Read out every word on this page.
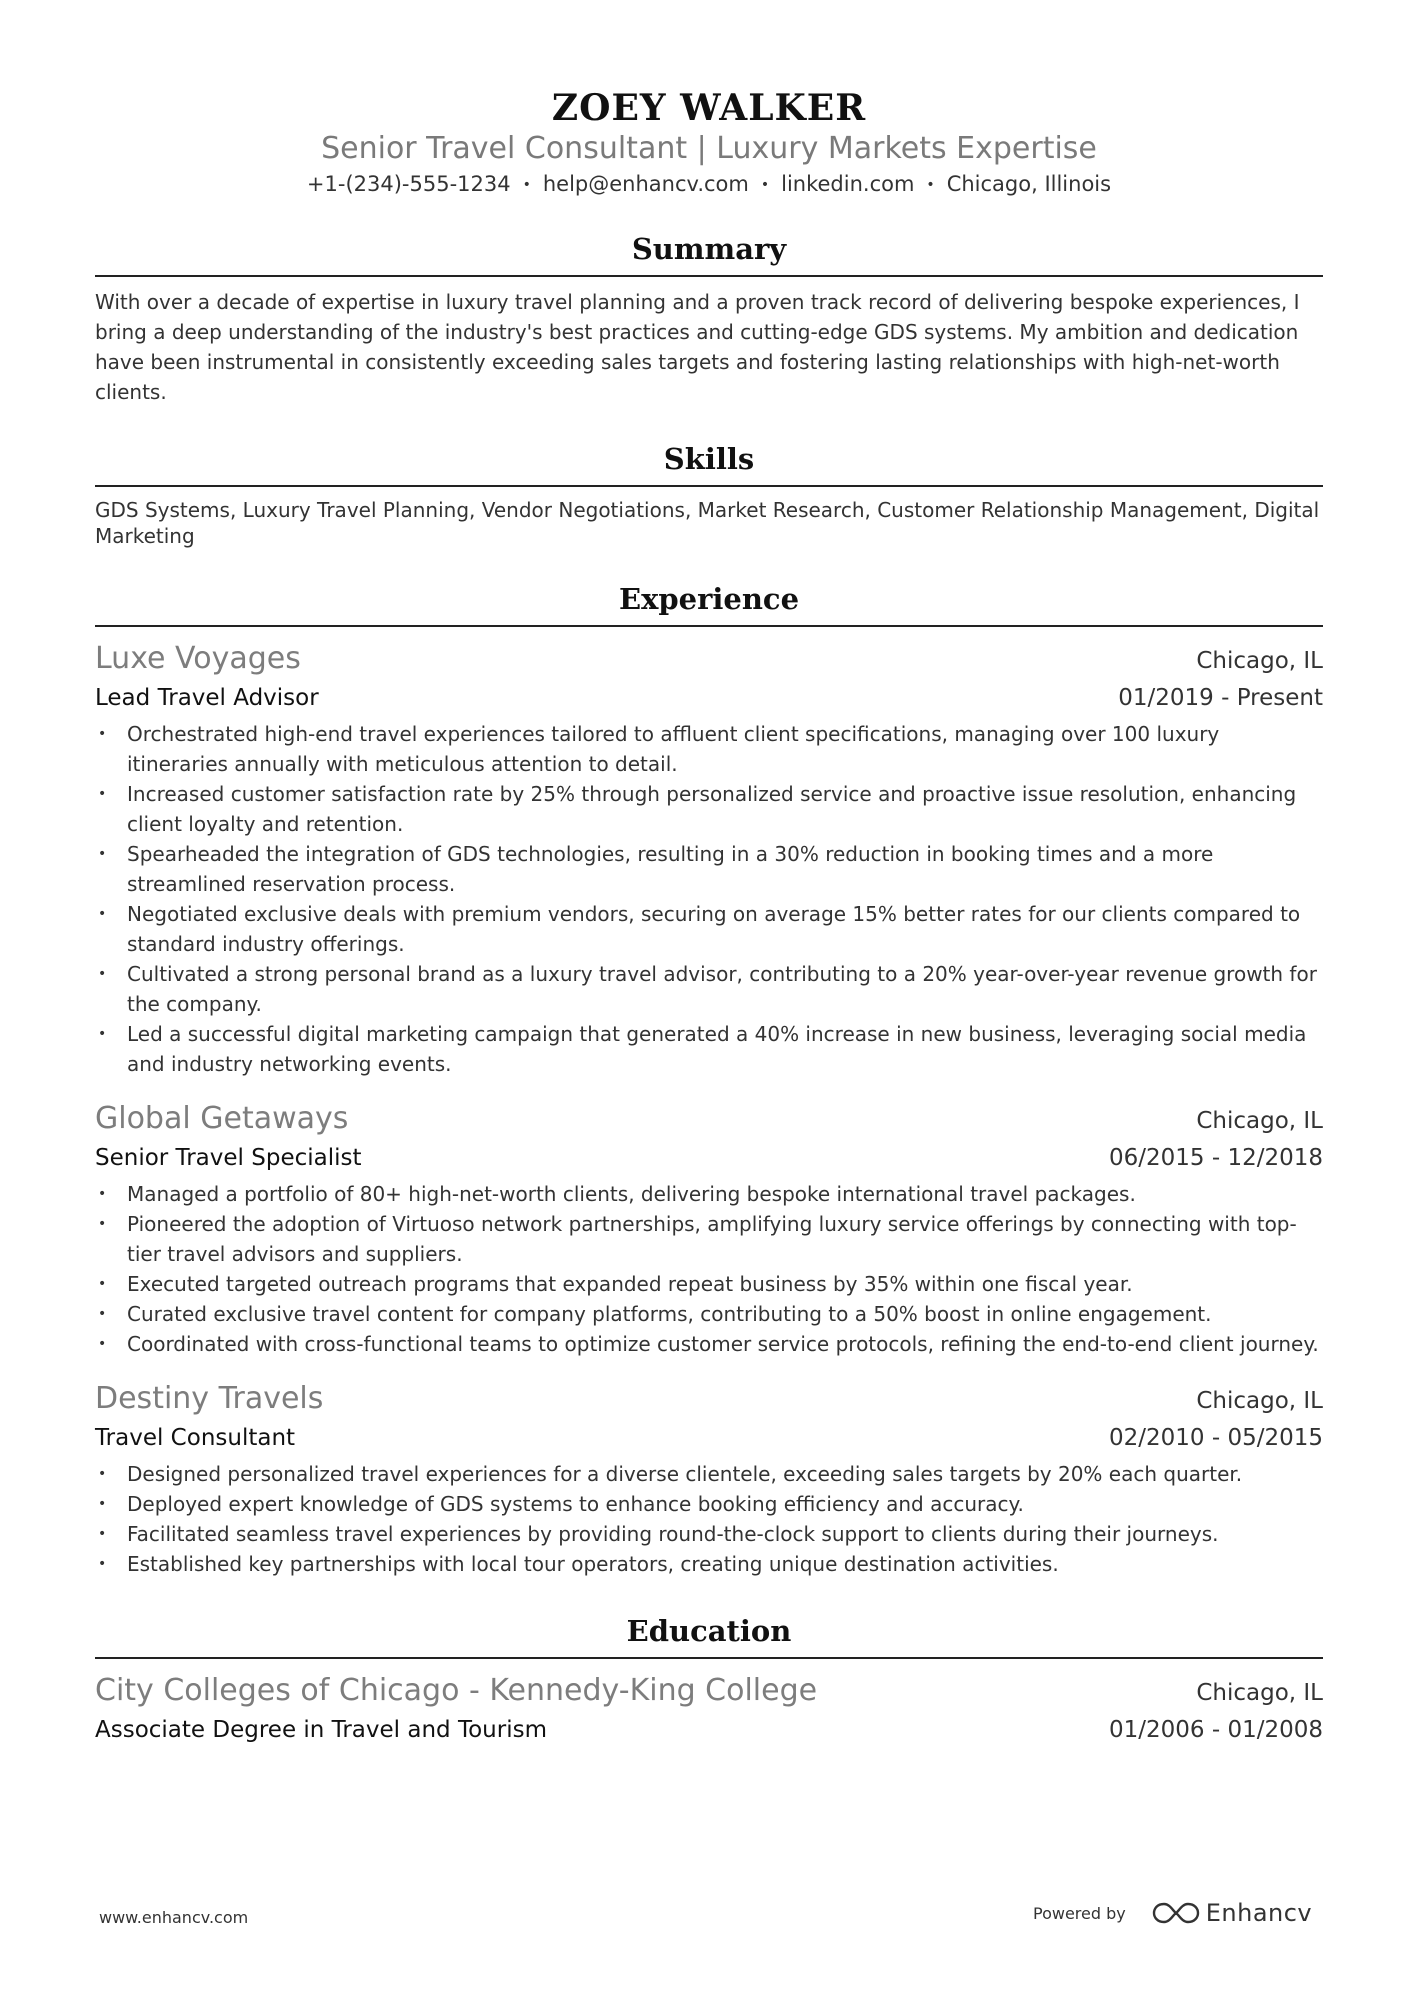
ZOEY WALKER
Senior Travel Consultant | Luxury Markets Expertise
+1-(234)-555-1234 • help@enhancv.com • linkedin.com • Chicago, Illinois
Summary
With over a decade of expertise in luxury travel planning and a proven track record of delivering bespoke experiences, I bring a deep understanding of the industry's best practices and cutting-edge GDS systems. My ambition and dedication have been instrumental in consistently exceeding sales targets and fostering lasting relationships with high-net-worth clients.
Skills
GDS Systems, Luxury Travel Planning, Vendor Negotiations, Market Research, Customer Relationship Management, Digital Marketing
Experience
Luxe Voyages	Chicago, IL
Lead Travel Advisor	01/2019 - Present
• Orchestrated high-end travel experiences tailored to affluent client specifications, managing over 100 luxury itineraries annually with meticulous attention to detail.
• Increased customer satisfaction rate by 25% through personalized service and proactive issue resolution, enhancing client loyalty and retention.
• Spearheaded the integration of GDS technologies, resulting in a 30% reduction in booking times and a more streamlined reservation process.
• Negotiated exclusive deals with premium vendors, securing on average 15% better rates for our clients compared to standard industry offerings.
• Cultivated a strong personal brand as a luxury travel advisor, contributing to a 20% year-over-year revenue growth for the company.
• Led a successful digital marketing campaign that generated a 40% increase in new business, leveraging social media and industry networking events.
Global Getaways	Chicago, IL
Senior Travel Specialist	06/2015 - 12/2018
• Managed a portfolio of 80+ high-net-worth clients, delivering bespoke international travel packages.
• Pioneered the adoption of Virtuoso network partnerships, amplifying luxury service offerings by connecting with top-tier travel advisors and suppliers.
• Executed targeted outreach programs that expanded repeat business by 35% within one fiscal year.
• Curated exclusive travel content for company platforms, contributing to a 50% boost in online engagement.
• Coordinated with cross-functional teams to optimize customer service protocols, refining the end-to-end client journey.
Destiny Travels	Chicago, IL
Travel Consultant	02/2010 - 05/2015
• Designed personalized travel experiences for a diverse clientele, exceeding sales targets by 20% each quarter.
• Deployed expert knowledge of GDS systems to enhance booking efficiency and accuracy.
• Facilitated seamless travel experiences by providing round-the-clock support to clients during their journeys.
• Established key partnerships with local tour operators, creating unique destination activities.
Education
City Colleges of Chicago - Kennedy-King College	Chicago, IL
Associate Degree in Travel and Tourism	01/2006 - 01/2008
www.enhancv.com	Powered by	Enhancv
